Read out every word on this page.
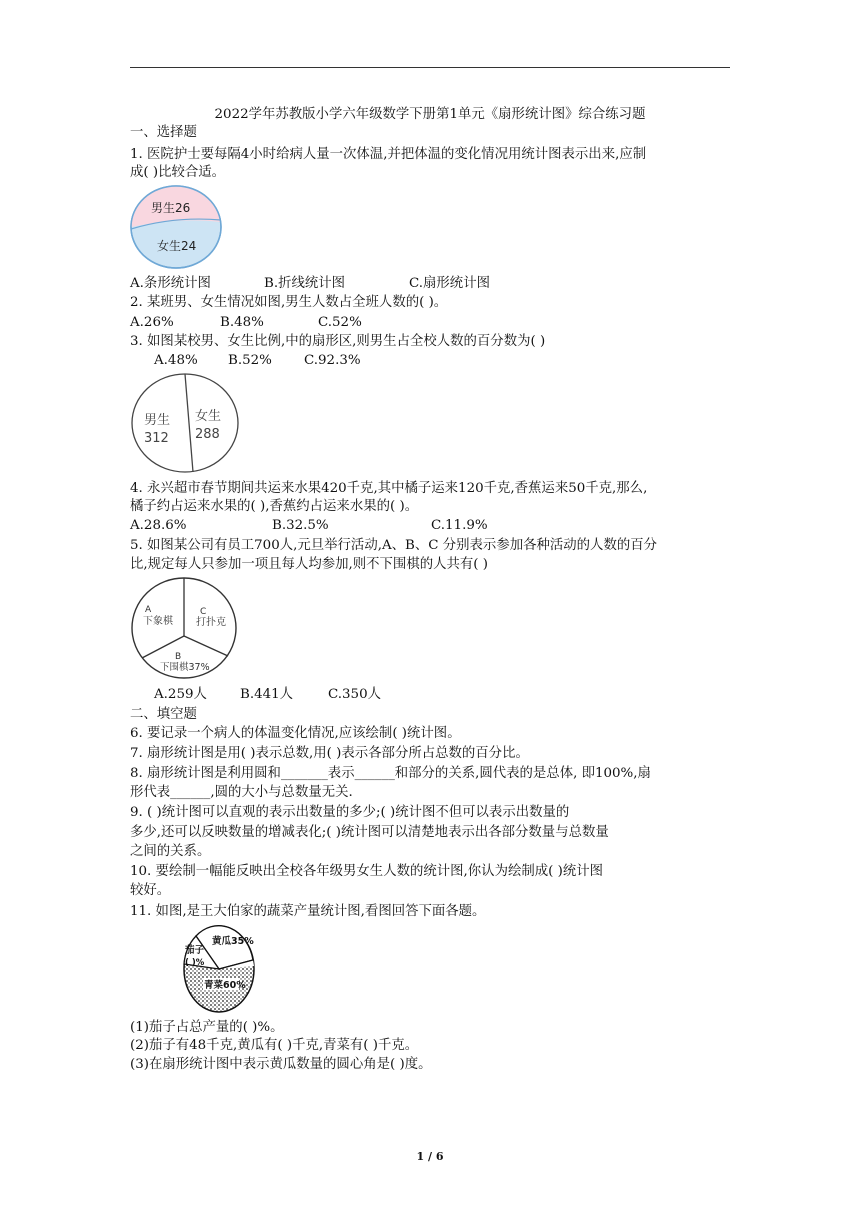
2022学年苏教版小学六年级数学下册第1单元《扇形统计图》综合练习题
一、选择题
1. 医院护士要每隔4小时给病人量一次体温,并把体温的变化情况用统计图表示出来,应制
成( )比较合适。
男生26
女生24
A.条形统计图	B.折线统计图	C.扇形统计图
2. 某班男、女生情况如图,男生人数占全班人数的( )。
A.26%	B.48%	C.52%
3. 如图某校男、女生比例,中的扇形区,则男生占全校人数的百分数为( )
A.48% B.52% C.92.3%
男生
312
女生
288
4. 永兴超市春节期间共运来水果420千克,其中橘子运来120千克,香蕉运来50千克,那么,
橘子约占运来水果的( ),香蕉约占运来水果的( )。
A.28.6%	B.32.5%	C.11.9%
5. 如图某公司有员工700人,元旦举行活动,A、B、C 分别表示参加各种活动的人数的百分
比,规定每人只参加一项且每人均参加,则不下围棋的人共有( )
A
下象棋
C
打扑克
B
下围棋37%
A.259人 B.441人	C.350人
二、填空题
6. 要记录一个病人的体温变化情况,应该绘制( )统计图。
7. 扇形统计图是用( )表示总数,用( )表示各部分所占总数的百分比。
8. 扇形统计图是利用圆和_______表示______和部分的关系,圆代表的是总体, 即100%,扇
形代表______,圆的大小与总数量无关.
9. ( )统计图可以直观的表示出数量的多少;( )统计图不但可以表示出数量的
多少,还可以反映数量的增减表化;( )统计图可以清楚地表示出各部分数量与总数量
之间的关系。
10. 要绘制一幅能反映出全校各年级男女生人数的统计图,你认为绘制成( )统计图
较好。
11. 如图,是王大伯家的蔬菜产量统计图,看图回答下面各题。
黄瓜35%
茄子
( )%
青菜60%
(1)茄子占总产量的( )%。
(2)茄子有48千克,黄瓜有( )千克,青菜有( )千克。
(3)在扇形统计图中表示黄瓜数量的圆心角是( )度。
1 / 6
